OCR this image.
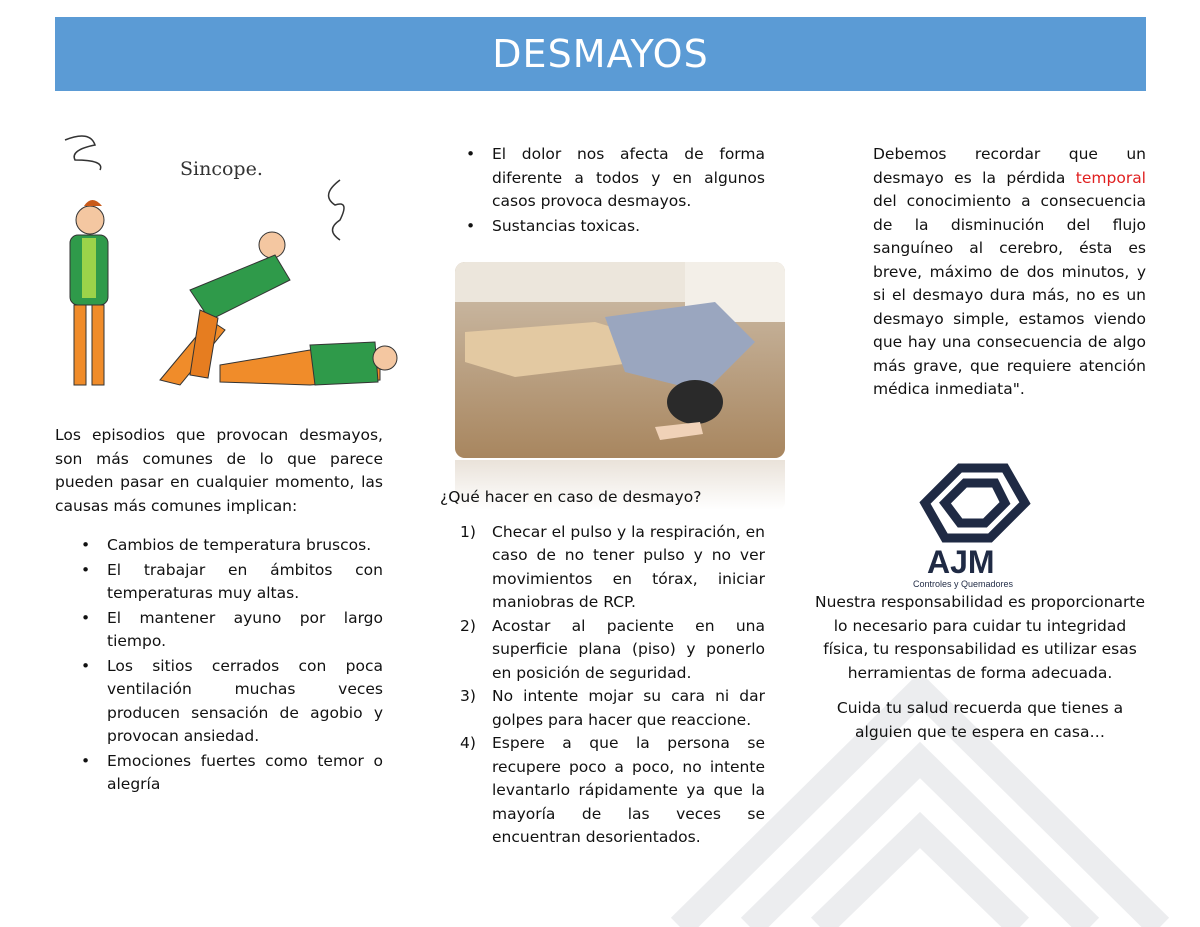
DESMAYOS
Sincope.
Los episodios que provocan desmayos, son más comunes de lo que parece pueden pasar en cualquier momento, las causas más comunes implican:
• Cambios de temperatura bruscos.
• El trabajar en ámbitos con temperaturas muy altas.
• El mantener ayuno por largo tiempo.
• Los sitios cerrados con poca ventilación muchas veces producen sensación de agobio y provocan ansiedad.
• Emociones fuertes como temor o alegría
• El dolor nos afecta de forma diferente a todos y en algunos casos provoca desmayos.
• Sustancias toxicas.
¿Qué hacer en caso de desmayo?
1) Checar el pulso y la respiración, en caso de no tener pulso y no ver movimientos en tórax, iniciar maniobras de RCP.
2) Acostar al paciente en una superficie plana (piso) y ponerlo en posición de seguridad.
3) No intente mojar su cara ni dar golpes para hacer que reaccione.
4) Espere a que la persona se recupere poco a poco, no intente levantarlo rápidamente ya que la mayoría de las veces se encuentran desorientados.
Debemos recordar que un desmayo es la pérdida temporal del conocimiento a consecuencia de la disminución del flujo sanguíneo al cerebro, ésta es breve, máximo de dos minutos, y si el desmayo dura más, no es un desmayo simple, estamos viendo que hay una consecuencia de algo más grave, que requiere atención médica inmediata".
AJM
Controles y Quemadores
Nuestra responsabilidad es proporcionarte lo necesario para cuidar tu integridad física, tu responsabilidad es utilizar esas herramientas de forma adecuada.
Cuida tu salud recuerda que tienes a alguien que te espera en casa…
